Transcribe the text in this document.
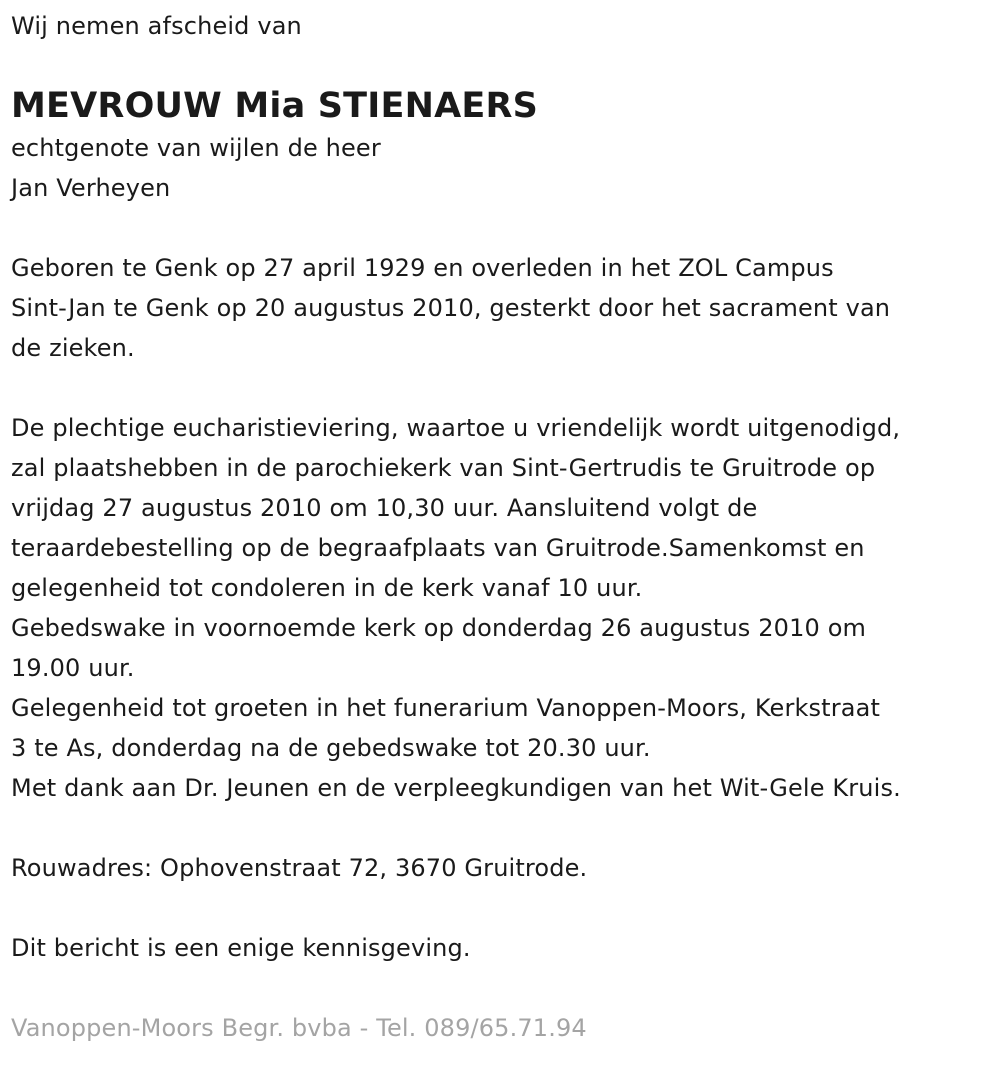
Wij nemen afscheid van
MEVROUW Mia STIENAERS
echtgenote van wijlen de heer
Jan Verheyen
Geboren te Genk op 27 april 1929 en overleden in het ZOL Campus
Sint-Jan te Genk op 20 augustus 2010, gesterkt door het sacrament van
de zieken.
De plechtige eucharistieviering, waartoe u vriendelijk wordt uitgenodigd,
zal plaatshebben in de parochiekerk van Sint-Gertrudis te Gruitrode op
vrijdag 27 augustus 2010 om 10,30 uur. Aansluitend volgt de
teraardebestelling op de begraafplaats van Gruitrode.Samenkomst en
gelegenheid tot condoleren in de kerk vanaf 10 uur.
Gebedswake in voornoemde kerk op donderdag 26 augustus 2010 om
19.00 uur.
Gelegenheid tot groeten in het funerarium Vanoppen-Moors, Kerkstraat
3 te As, donderdag na de gebedswake tot 20.30 uur.
Met dank aan Dr. Jeunen en de verpleegkundigen van het Wit-Gele Kruis.
Rouwadres: Ophovenstraat 72, 3670 Gruitrode.
Dit bericht is een enige kennisgeving.
Vanoppen-Moors Begr. bvba - Tel. 089/65.71.94
